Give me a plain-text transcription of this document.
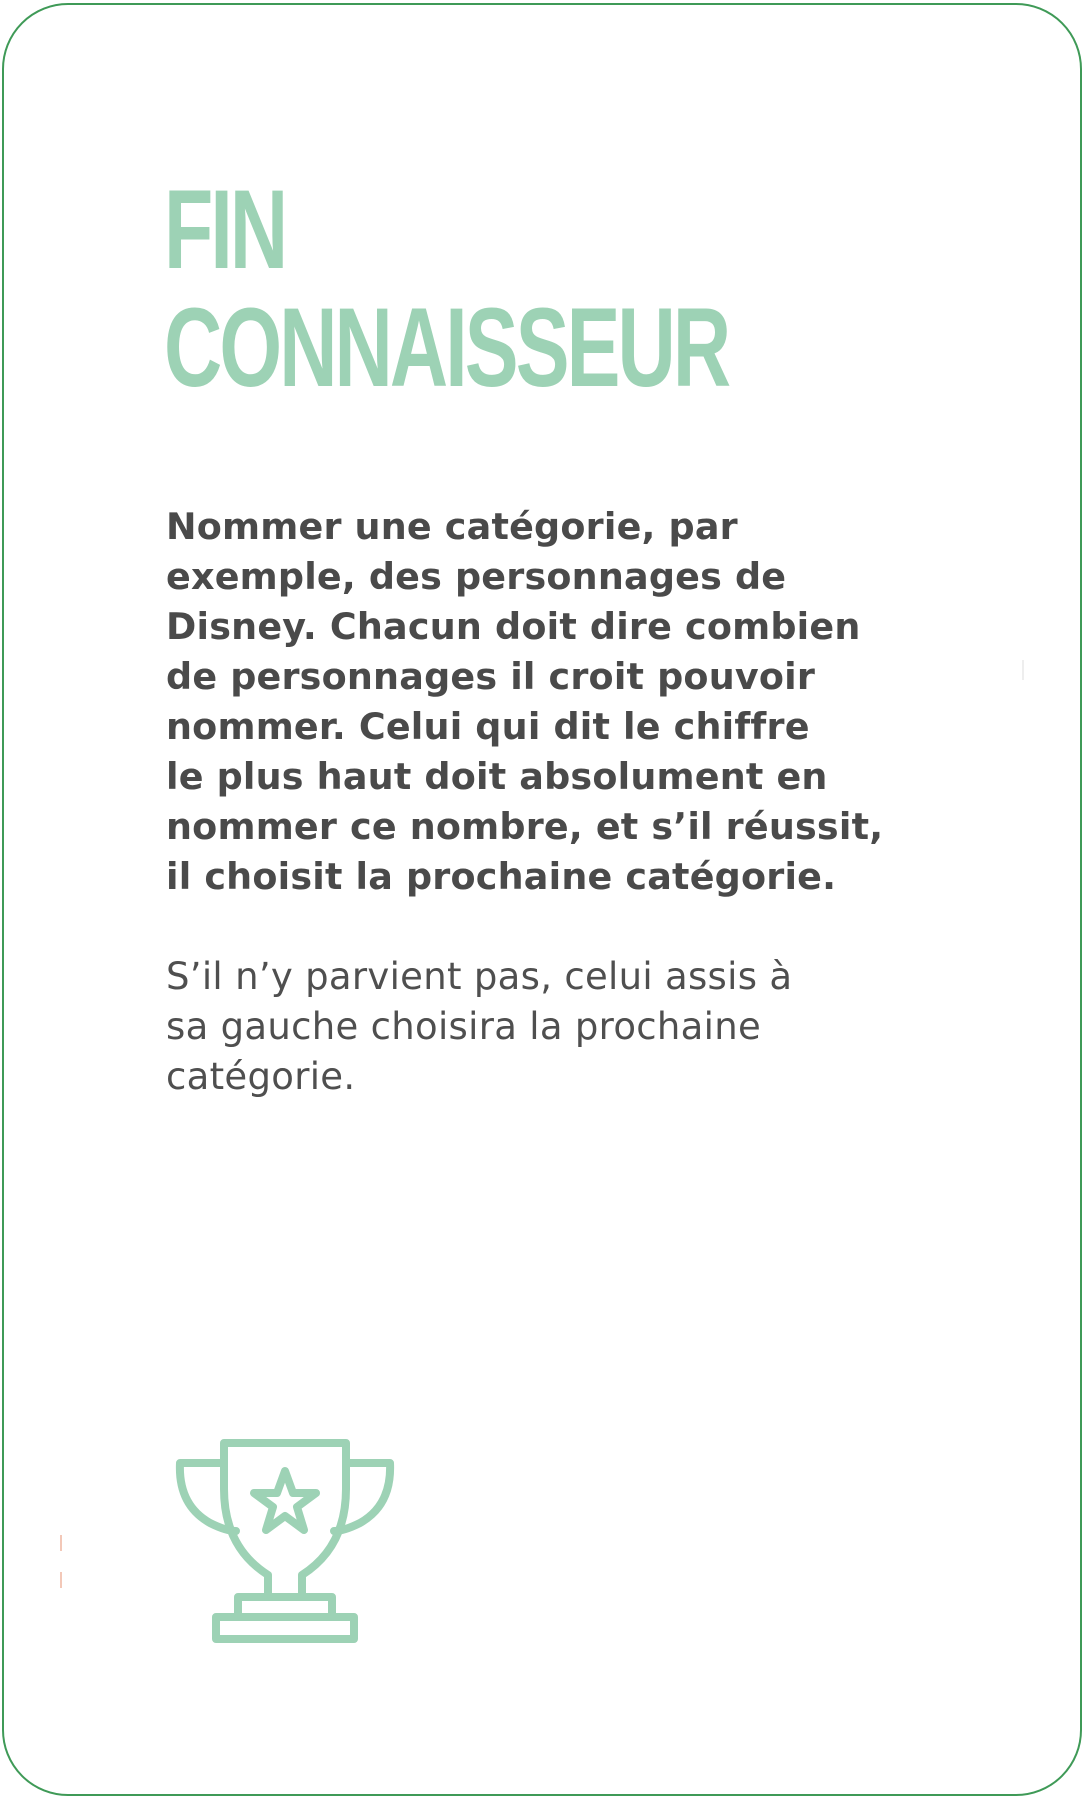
FIN
CONNAISSEUR

Nommer une catégorie, par
exemple, des personnages de
Disney. Chacun doit dire combien
de personnages il croit pouvoir
nommer. Celui qui dit le chiffre
le plus haut doit absolument en
nommer ce nombre, et s’il réussit,
il choisit la prochaine catégorie.

S’il n’y parvient pas, celui assis à
sa gauche choisira la prochaine
catégorie.
